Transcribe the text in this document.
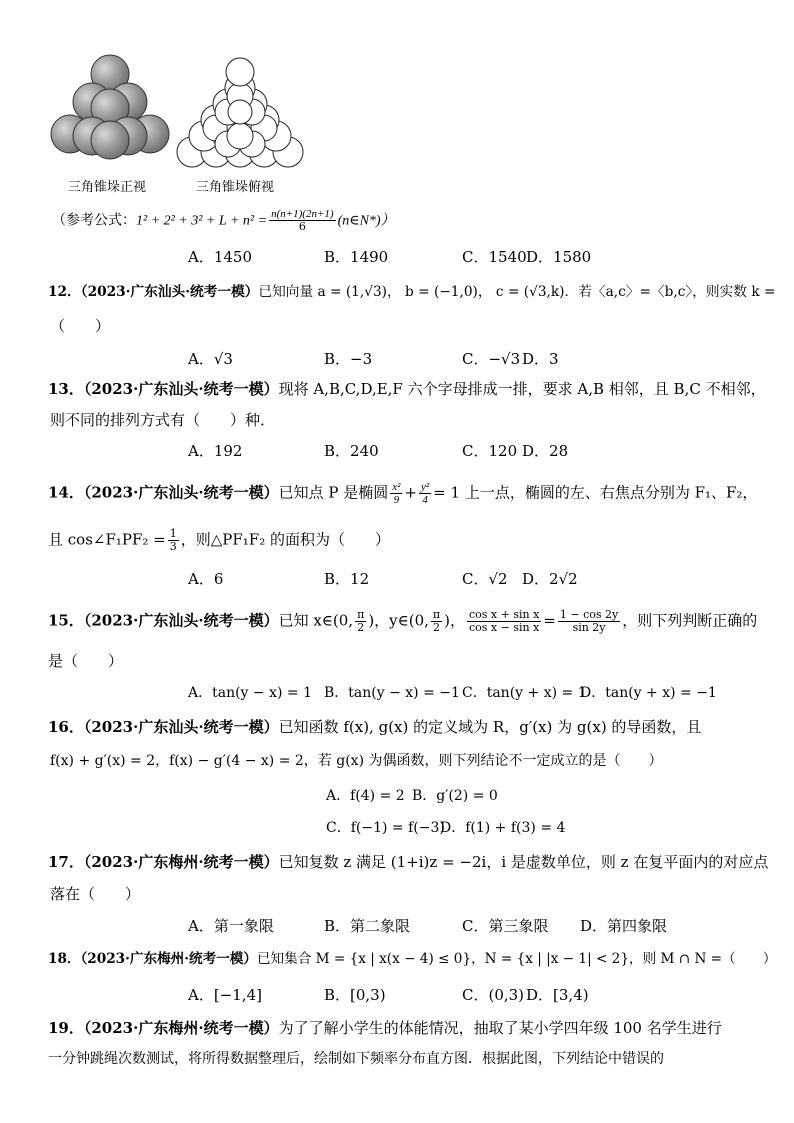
三角锥垛正视	三角锥垛俯视
（参考公式：$1^2 + 2^2 + 3^2 + L + n^2 = \frac{n(n+1)(2n+1)}{6}$ (n∈N*)）
A．1450	B．1490	C．1540 D．1580
12．（2023·广东汕头·统考一模）已知向量 a = (1,√3)， b = (−1,0)， c = (√3,k)．若〈a,c〉=〈b,c〉，则实数 k =
（　　）
A．√3	B．−3	C．−√3 D．3
13．（2023·广东汕头·统考一模）现将 A,B,C,D,E,F 六个字母排成一排，要求 A,B 相邻，且 B,C 不相邻，
则不同的排列方式有（　　）种．
A．192	B．240	C．120 D．28
14．（2023·广东汕头·统考一模）已知点 P 是椭圆 $\frac{\text{x²}}{9} + \frac{\text{y²}}{4} = 1$ 上一点，椭圆的左、右焦点分别为 F₁、F₂，
且 cos∠F₁PF₂ = $\frac{1}{3}$ ，则△PF₁F₂ 的面积为（　　）
A．6	B．12	C．√2 D．2√2
15．（2023·广东汕头·统考一模）已知 x∈(0, $\frac{\pi}{2}$ )，y∈(0, $\frac{\pi}{2}$ )， $\frac{\text{cos x + sin x}}{\text{cos x − sin x}} = \frac{1 - \cos 2y}{\sin 2y}$ ，则下列判断正确的
是（　　）
A．tan(y − x) = 1 B．tan(y − x) = −1 C．tan(y + x) = 1
D．tan(y + x) = −1
16．（2023·广东汕头·统考一模）已知函数 f(x), g(x) 的定义域为 R，g′(x) 为 g(x) 的导函数，且
f(x) + g′(x) = 2，f(x) − g′(4 − x) = 2，若 g(x) 为偶函数，则下列结论不一定成立的是（　　）
A．f(4) = 2 B．g′(2) = 0
C．f(−1) = f(−3)
D．f(1) + f(3) = 4
17．（2023·广东梅州·统考一模）已知复数 z 满足 (1+i)z = −2i，i 是虚数单位，则 z 在复平面内的对应点
落在（　　）
A．第一象限	B．第二象限	C．第三象限 D．第四象限
18．（2023·广东梅州·统考一模）已知集合 M = {x | x(x − 4) ≤ 0}，N = {x | |x − 1| < 2}，则 M ∩ N =（　　）
A．[−1,4]	B．[0,3)	C．(0,3) D．[3,4)
19．（2023·广东梅州·统考一模）为了了解小学生的体能情况，抽取了某小学四年级 100 名学生进行
一分钟跳绳次数测试，将所得数据整理后，绘制如下频率分布直方图．根据此图，下列结论中错误的
